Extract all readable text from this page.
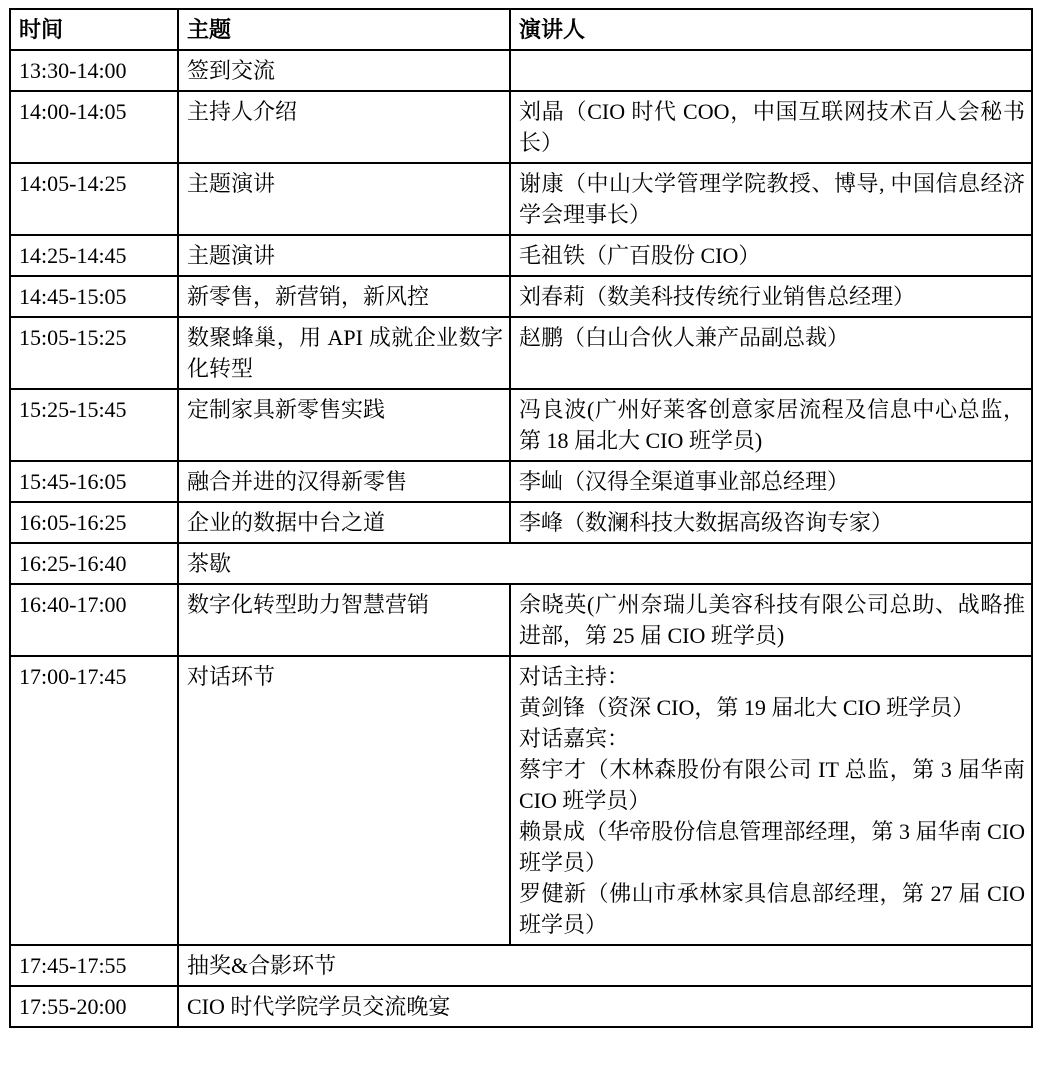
时间	主题	演讲人
13:30-14:00	签到交流	
14:00-14:05	主持人介绍	刘晶（CIO 时代 COO，中国互联网技术百人会秘书长）

14:05-14:25	主题演讲	谢康（中山大学管理学院教授、博导, 中国信息经济学会理事长）

14:25-14:45	主题演讲	毛祖铁（广百股份 CIO）

14:45-15:05	新零售，新营销，新风控	刘春莉（数美科技传统行业销售总经理）

15:05-15:25	数聚蜂巢，用 API 成就企业数字化转型	赵鹏（白山合伙人兼产品副总裁）

15:25-15:45	定制家具新零售实践	冯良波(广州好莱客创意家居流程及信息中心总监，第 18 届北大 CIO 班学员)

15:45-16:05	融合并进的汉得新零售	李屾（汉得全渠道事业部总经理）

16:05-16:25	企业的数据中台之道	李峰（数澜科技大数据高级咨询专家）

16:25-16:40	茶歇	
16:40-17:00	数字化转型助力智慧营销	余晓英(广州奈瑞儿美容科技有限公司总助、战略推进部，第 25 届 CIO 班学员)

17:00-17:45	对话环节	对话主持：
黄剑锋（资深 CIO，第 19 届北大 CIO 班学员）
对话嘉宾：
蔡宇才（木林森股份有限公司 IT 总监，第 3 届华南 CIO 班学员）
赖景成（华帝股份信息管理部经理，第 3 届华南 CIO 班学员）
罗健新（佛山市承林家具信息部经理，第 27 届 CIO 班学员）

17:45-17:55	抽奖&合影环节	
17:55-20:00	CIO 时代学院学员交流晚宴	
